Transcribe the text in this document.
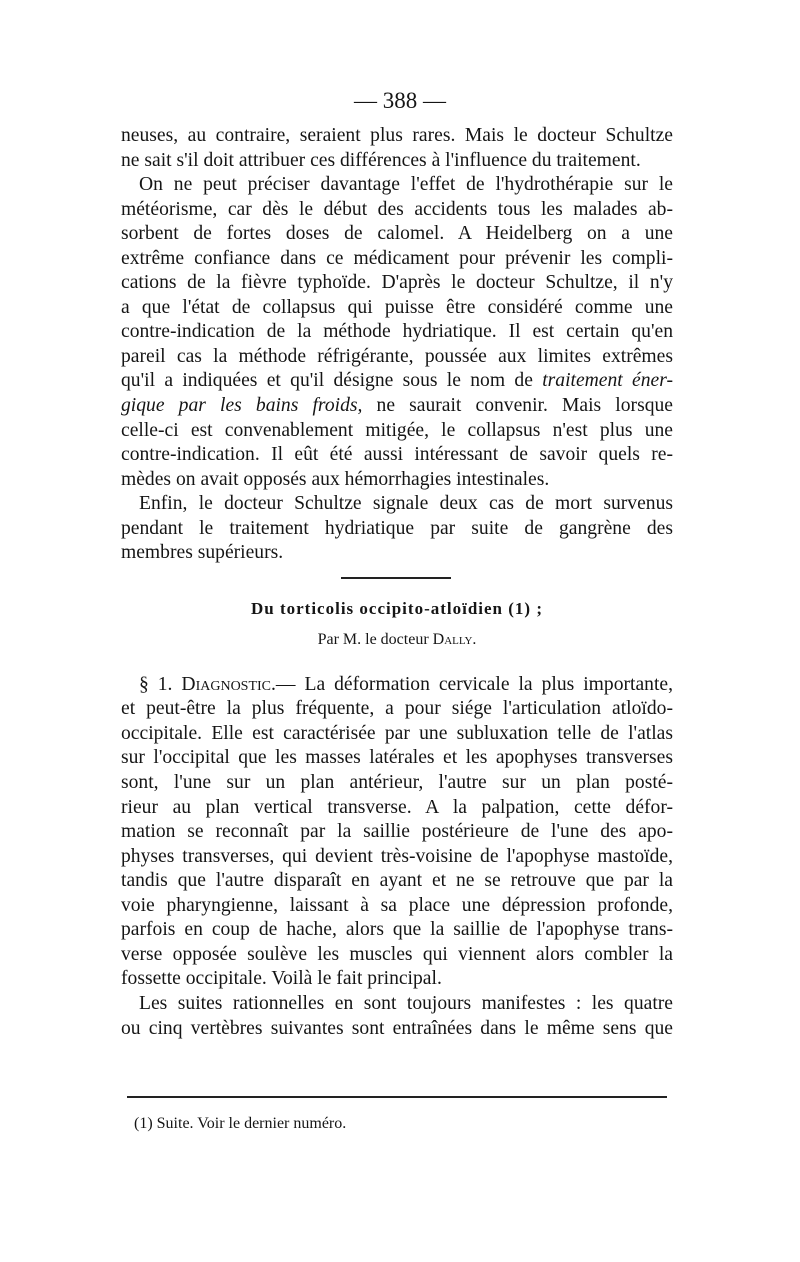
— 388 —
neuses, au contraire, seraient plus rares. Mais le docteur Schultze
ne sait s'il doit attribuer ces différences à l'influence du traitement.
On ne peut préciser davantage l'effet de l'hydrothérapie sur le
météorisme, car dès le début des accidents tous les malades ab-
sorbent de fortes doses de calomel. A Heidelberg on a une
extrême confiance dans ce médicament pour prévenir les compli-
cations de la fièvre typhoïde. D'après le docteur Schultze, il n'y
a que l'état de collapsus qui puisse être considéré comme une
contre-indication de la méthode hydriatique. Il est certain qu'en
pareil cas la méthode réfrigérante, poussée aux limites extrêmes
qu'il a indiquées et qu'il désigne sous le nom de traitement éner-
gique par les bains froids, ne saurait convenir. Mais lorsque
celle-ci est convenablement mitigée, le collapsus n'est plus une
contre-indication. Il eût été aussi intéressant de savoir quels re-
mèdes on avait opposés aux hémorrhagies intestinales.
Enfin, le docteur Schultze signale deux cas de mort survenus
pendant le traitement hydriatique par suite de gangrène des
membres supérieurs.
Du torticolis occipito-atloïdien (1) ;
Par M. le docteur Dally.
§ 1. Diagnostic.— La déformation cervicale la plus importante,
et peut-être la plus fréquente, a pour siége l'articulation atloïdo-
occipitale. Elle est caractérisée par une subluxation telle de l'atlas
sur l'occipital que les masses latérales et les apophyses transverses
sont, l'une sur un plan antérieur, l'autre sur un plan posté-
rieur au plan vertical transverse. A la palpation, cette défor-
mation se reconnaît par la saillie postérieure de l'une des apo-
physes transverses, qui devient très-voisine de l'apophyse mastoïde,
tandis que l'autre disparaît en ayant et ne se retrouve que par la
voie pharyngienne, laissant à sa place une dépression profonde,
parfois en coup de hache, alors que la saillie de l'apophyse trans-
verse opposée soulève les muscles qui viennent alors combler la
fossette occipitale. Voilà le fait principal.
Les suites rationnelles en sont toujours manifestes : les quatre
ou cinq vertèbres suivantes sont entraînées dans le même sens que
(1) Suite. Voir le dernier numéro.
